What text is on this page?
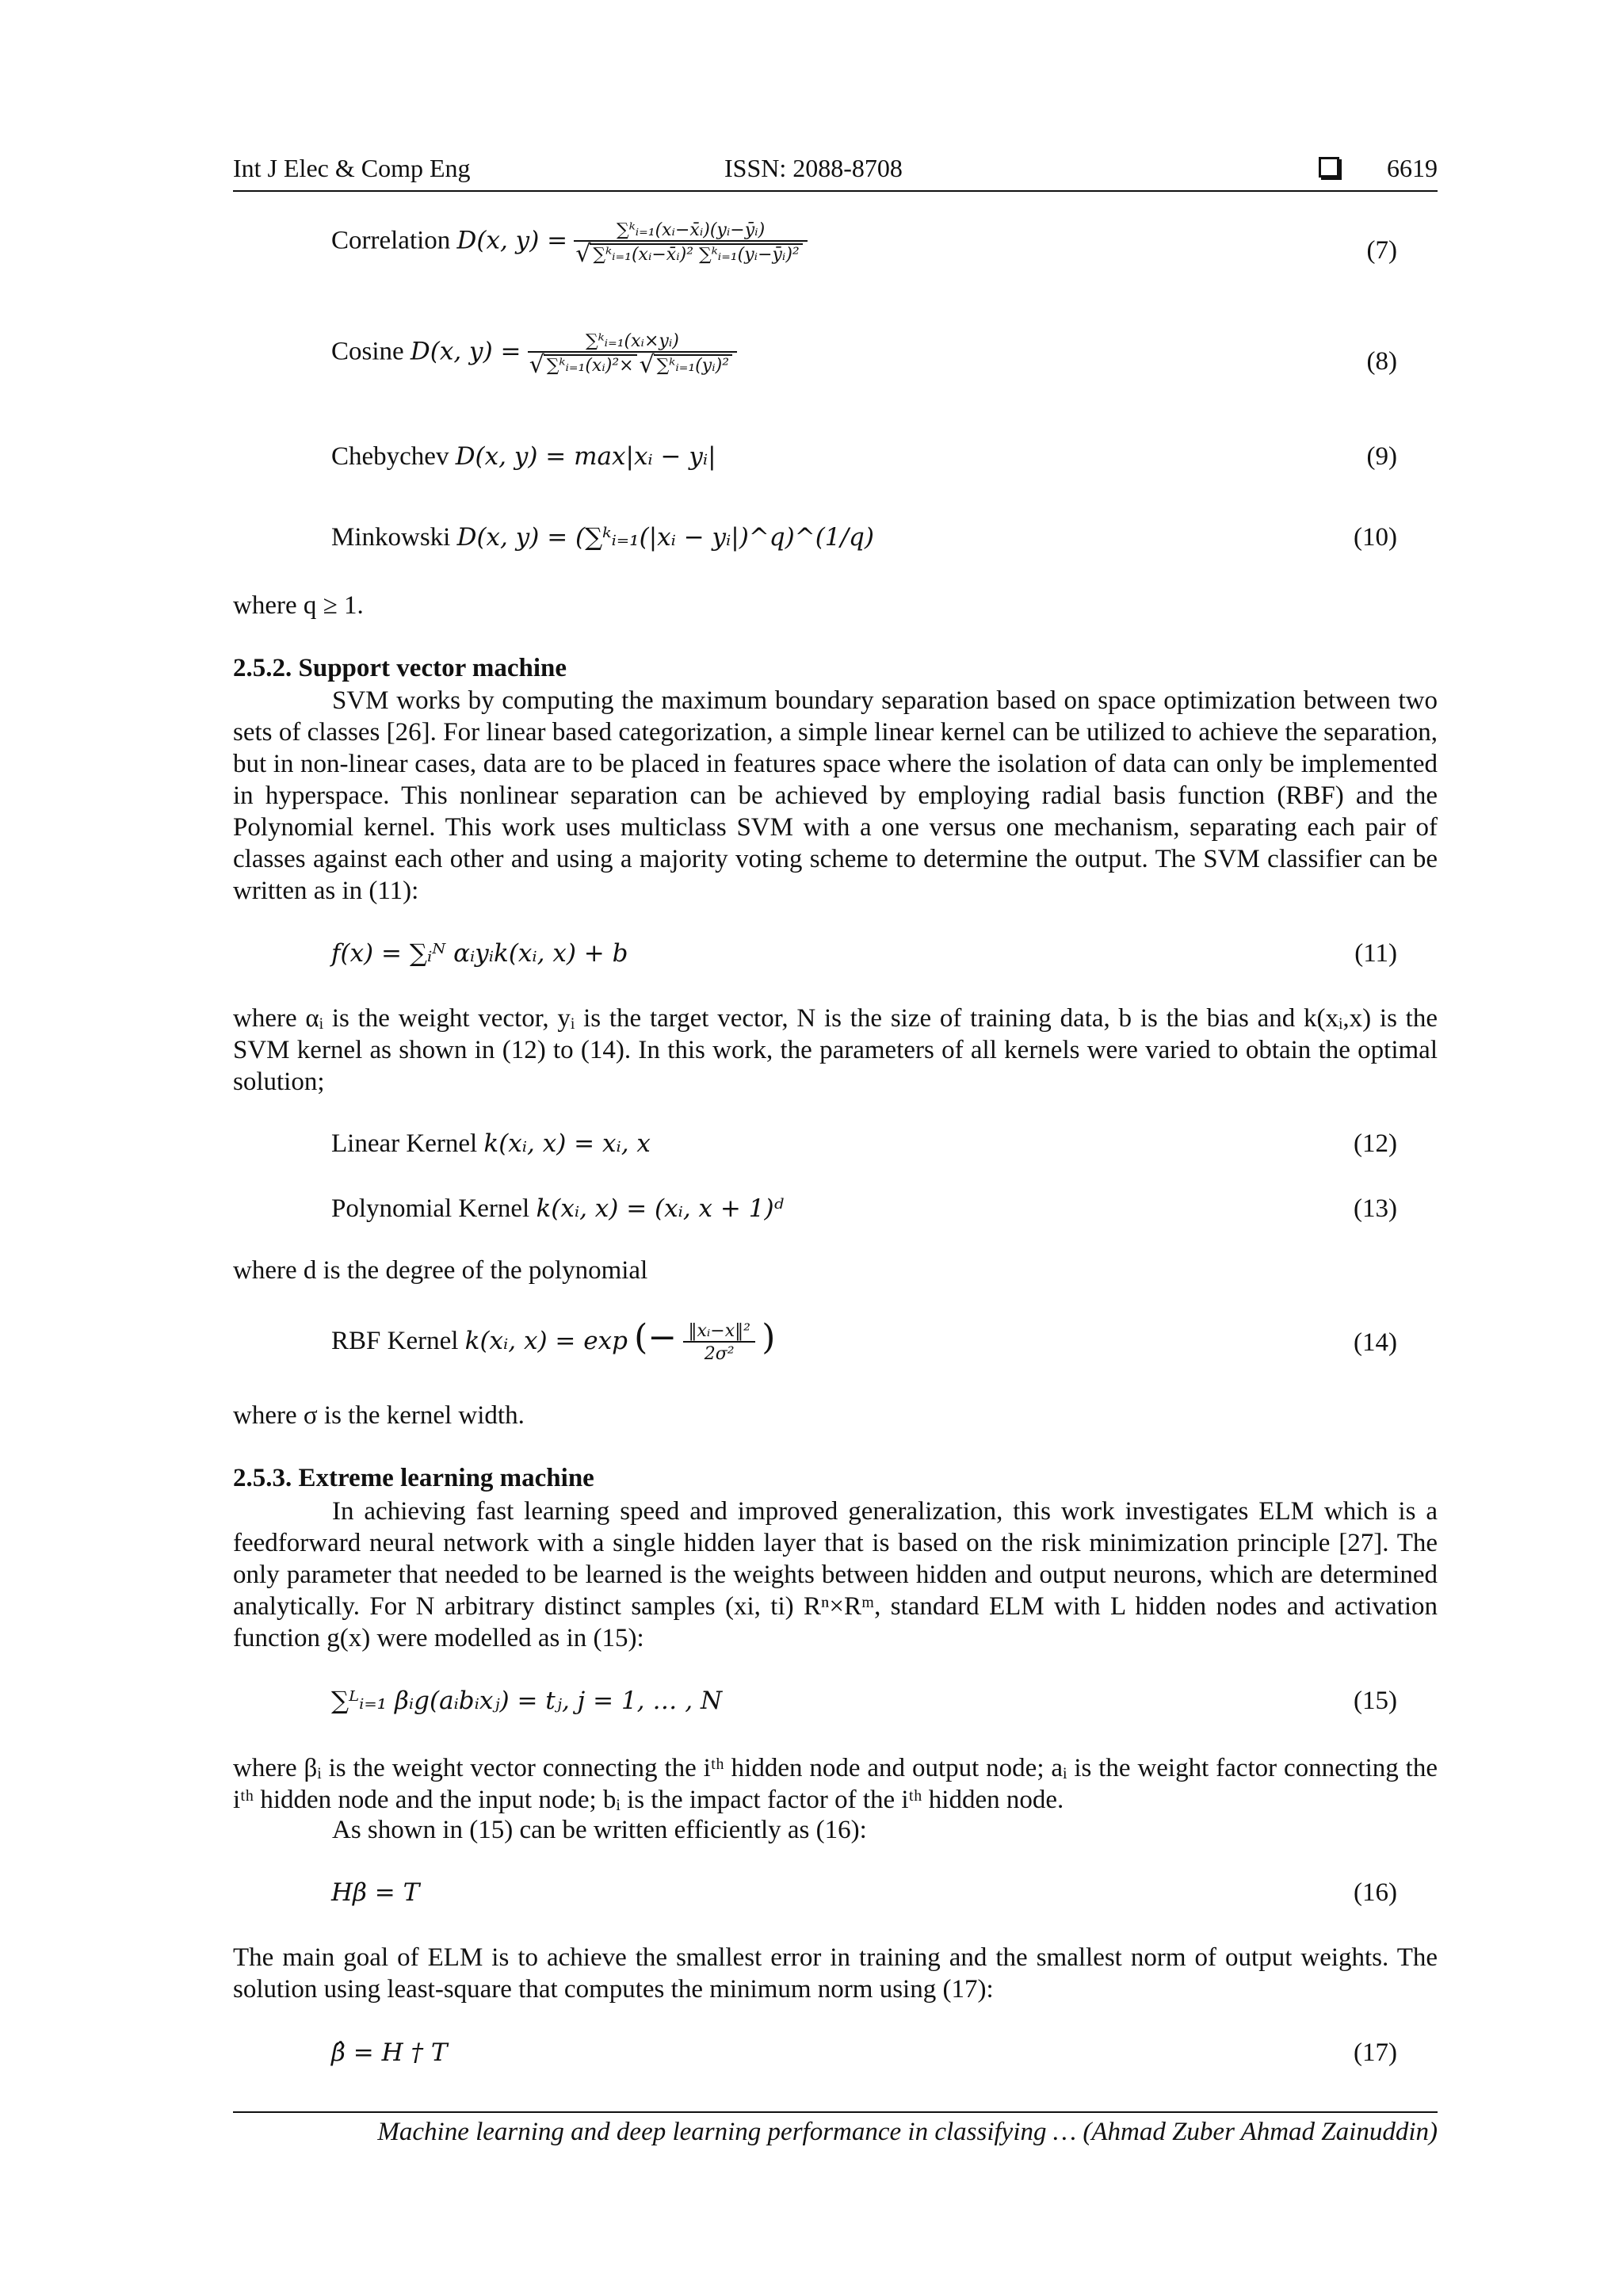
Int J Elec & Comp Eng	ISSN: 2088-8708	6619
Correlation D(x, y) = ∑ᵏᵢ₌₁(xᵢ−x̄ᵢ)(yᵢ−ȳᵢ)
√ ∑ᵏᵢ₌₁(xᵢ−x̄ᵢ)² ∑ᵏᵢ₌₁(yᵢ−ȳᵢ)²	(7)
Cosine D(x, y) = ∑ᵏᵢ₌₁(xᵢ×yᵢ)
√ ∑ᵏᵢ₌₁(xᵢ)²× √ ∑ᵏᵢ₌₁(yᵢ)²	(8)
Chebychev D(x, y) = max|xᵢ − yᵢ|	(9)
Minkowski D(x, y) = (∑ᵏᵢ₌₁(|xᵢ − yᵢ|)^q)^(1/q)	(10)
where q ≥ 1.
2.5.2. Support vector machine
SVM works by computing the maximum boundary separation based on space optimization between two sets of classes [26]. For linear based categorization, a simple linear kernel can be utilized to achieve the separation, but in non-linear cases, data are to be placed in features space where the isolation of data can only be implemented in hyperspace. This nonlinear separation can be achieved by employing radial basis function (RBF) and the Polynomial kernel. This work uses multiclass SVM with a one versus one mechanism, separating each pair of classes against each other and using a majority voting scheme to determine the output. The SVM classifier can be written as in (11):
f(x) = ∑ᵢᴺ αᵢyᵢk(xᵢ, x) + b	(11)
where αᵢ is the weight vector, yᵢ is the target vector, N is the size of training data, b is the bias and k(xᵢ,x) is the SVM kernel as shown in (12) to (14). In this work, the parameters of all kernels were varied to obtain the optimal solution;
Linear Kernel k(xᵢ, x) = xᵢ, x	(12)
Polynomial Kernel k(xᵢ, x) = (xᵢ, x + 1)ᵈ	(13)
where d is the degree of the polynomial
RBF Kernel k(xᵢ, x) = exp (− $\frac{\text{‖xᵢ−x‖²}}{\text{2σ²}}$ )	(14)
where σ is the kernel width.
2.5.3. Extreme learning machine
In achieving fast learning speed and improved generalization, this work investigates ELM which is a feedforward neural network with a single hidden layer that is based on the risk minimization principle [27]. The only parameter that needed to be learned is the weights between hidden and output neurons, which are determined analytically. For N arbitrary distinct samples (xi, ti) Rⁿ×Rᵐ, standard ELM with L hidden nodes and activation function g(x) were modelled as in (15):
∑ᴸᵢ₌₁ βᵢg(aᵢbᵢxⱼ) = tⱼ, j = 1, … , N	(15)
where βᵢ is the weight vector connecting the iᵗʰ hidden node and output node; aᵢ is the weight factor connecting the iᵗʰ hidden node and the input node; bᵢ is the impact factor of the iᵗʰ hidden node.
As shown in (15) can be written efficiently as (16):
Hβ = T	(16)
The main goal of ELM is to achieve the smallest error in training and the smallest norm of output weights. The solution using least-square that computes the minimum norm using (17):
β̂ = H † T	(17)
Machine learning and deep learning performance in classifying … (Ahmad Zuber Ahmad Zainuddin)
